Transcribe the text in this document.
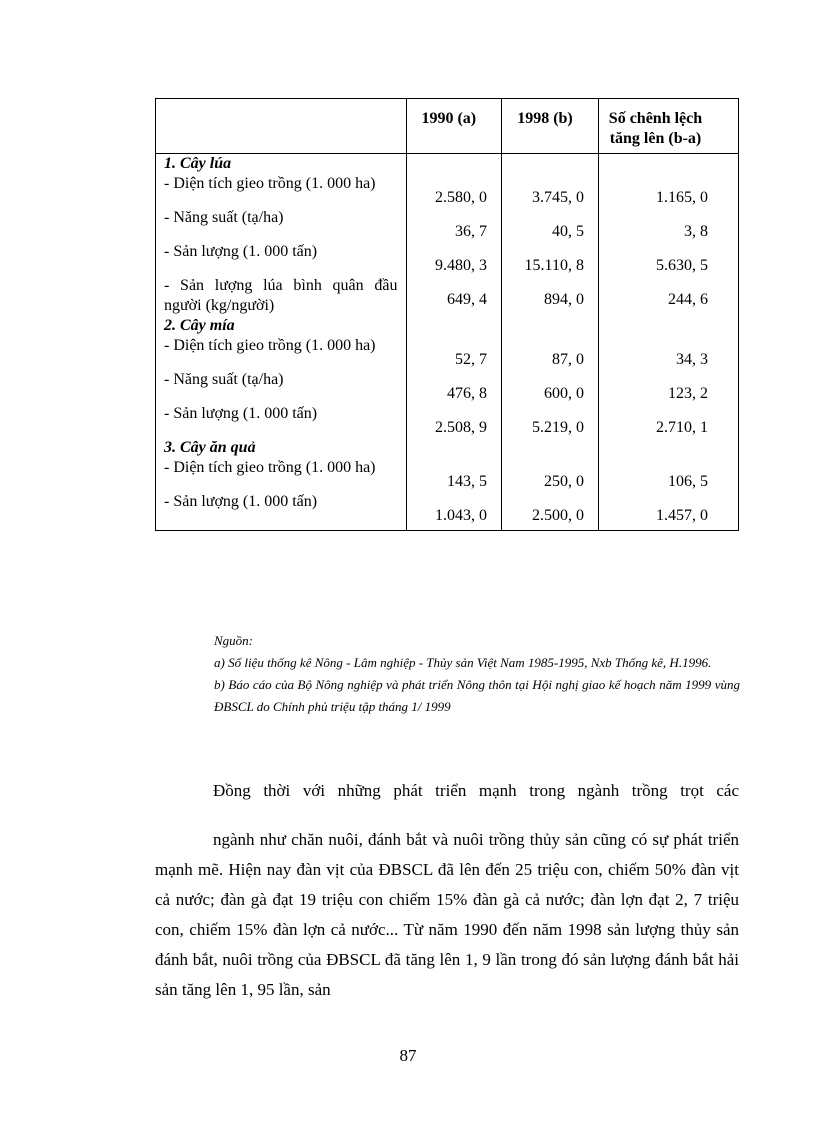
	1990 (a)	1998 (b)	Số chênh lệch tăng lên (b-a)
1. Cây lúa			
- Diện tích gieo trồng (1. 000 ha)	2.580, 0	3.745, 0	1.165, 0
- Năng suất (tạ/ha)	36, 7	40, 5	3, 8
- Sản lượng (1. 000 tấn)	9.480, 3	15.110, 8	5.630, 5
- Sản lượng lúa bình quân đầu người (kg/người)	649, 4	894, 0	244, 6
2. Cây mía			
- Diện tích gieo trồng (1. 000 ha)	52, 7	87, 0	34, 3
- Năng suất (tạ/ha)	476, 8	600, 0	123, 2
- Sản lượng (1. 000 tấn)	2.508, 9	5.219, 0	2.710, 1
3. Cây ăn quả			
- Diện tích gieo trồng (1. 000 ha)	143, 5	250, 0	106, 5
- Sản lượng (1. 000 tấn)	1.043, 0	2.500, 0	1.457, 0
Nguồn:
a) Số liệu thống kê Nông - Lâm nghiệp - Thủy sản Việt Nam 1985-1995, Nxb Thống kê, H.1996.
b) Báo cáo của Bộ Nông nghiệp và phát triển Nông thôn tại Hội nghị giao kế hoạch năm 1999 vùng ĐBSCL do Chính phủ triệu tập tháng 1/ 1999
Đồng thời với những phát triển mạnh trong ngành trồng trọt các
ngành như chăn nuôi, đánh bắt và nuôi trồng thủy sản cũng có sự phát triển mạnh mẽ. Hiện nay đàn vịt của ĐBSCL đã lên đến 25 triệu con, chiếm 50% đàn vịt cả nước; đàn gà đạt 19 triệu con chiếm 15% đàn gà cả nước; đàn lợn đạt 2, 7 triệu con, chiếm 15% đàn lợn cả nước... Từ năm 1990 đến năm 1998 sản lượng thủy sản đánh bắt, nuôi trồng của ĐBSCL đã tăng lên 1, 9 lần trong đó sản lượng đánh bắt hải sản tăng lên 1, 95 lần, sản
87
